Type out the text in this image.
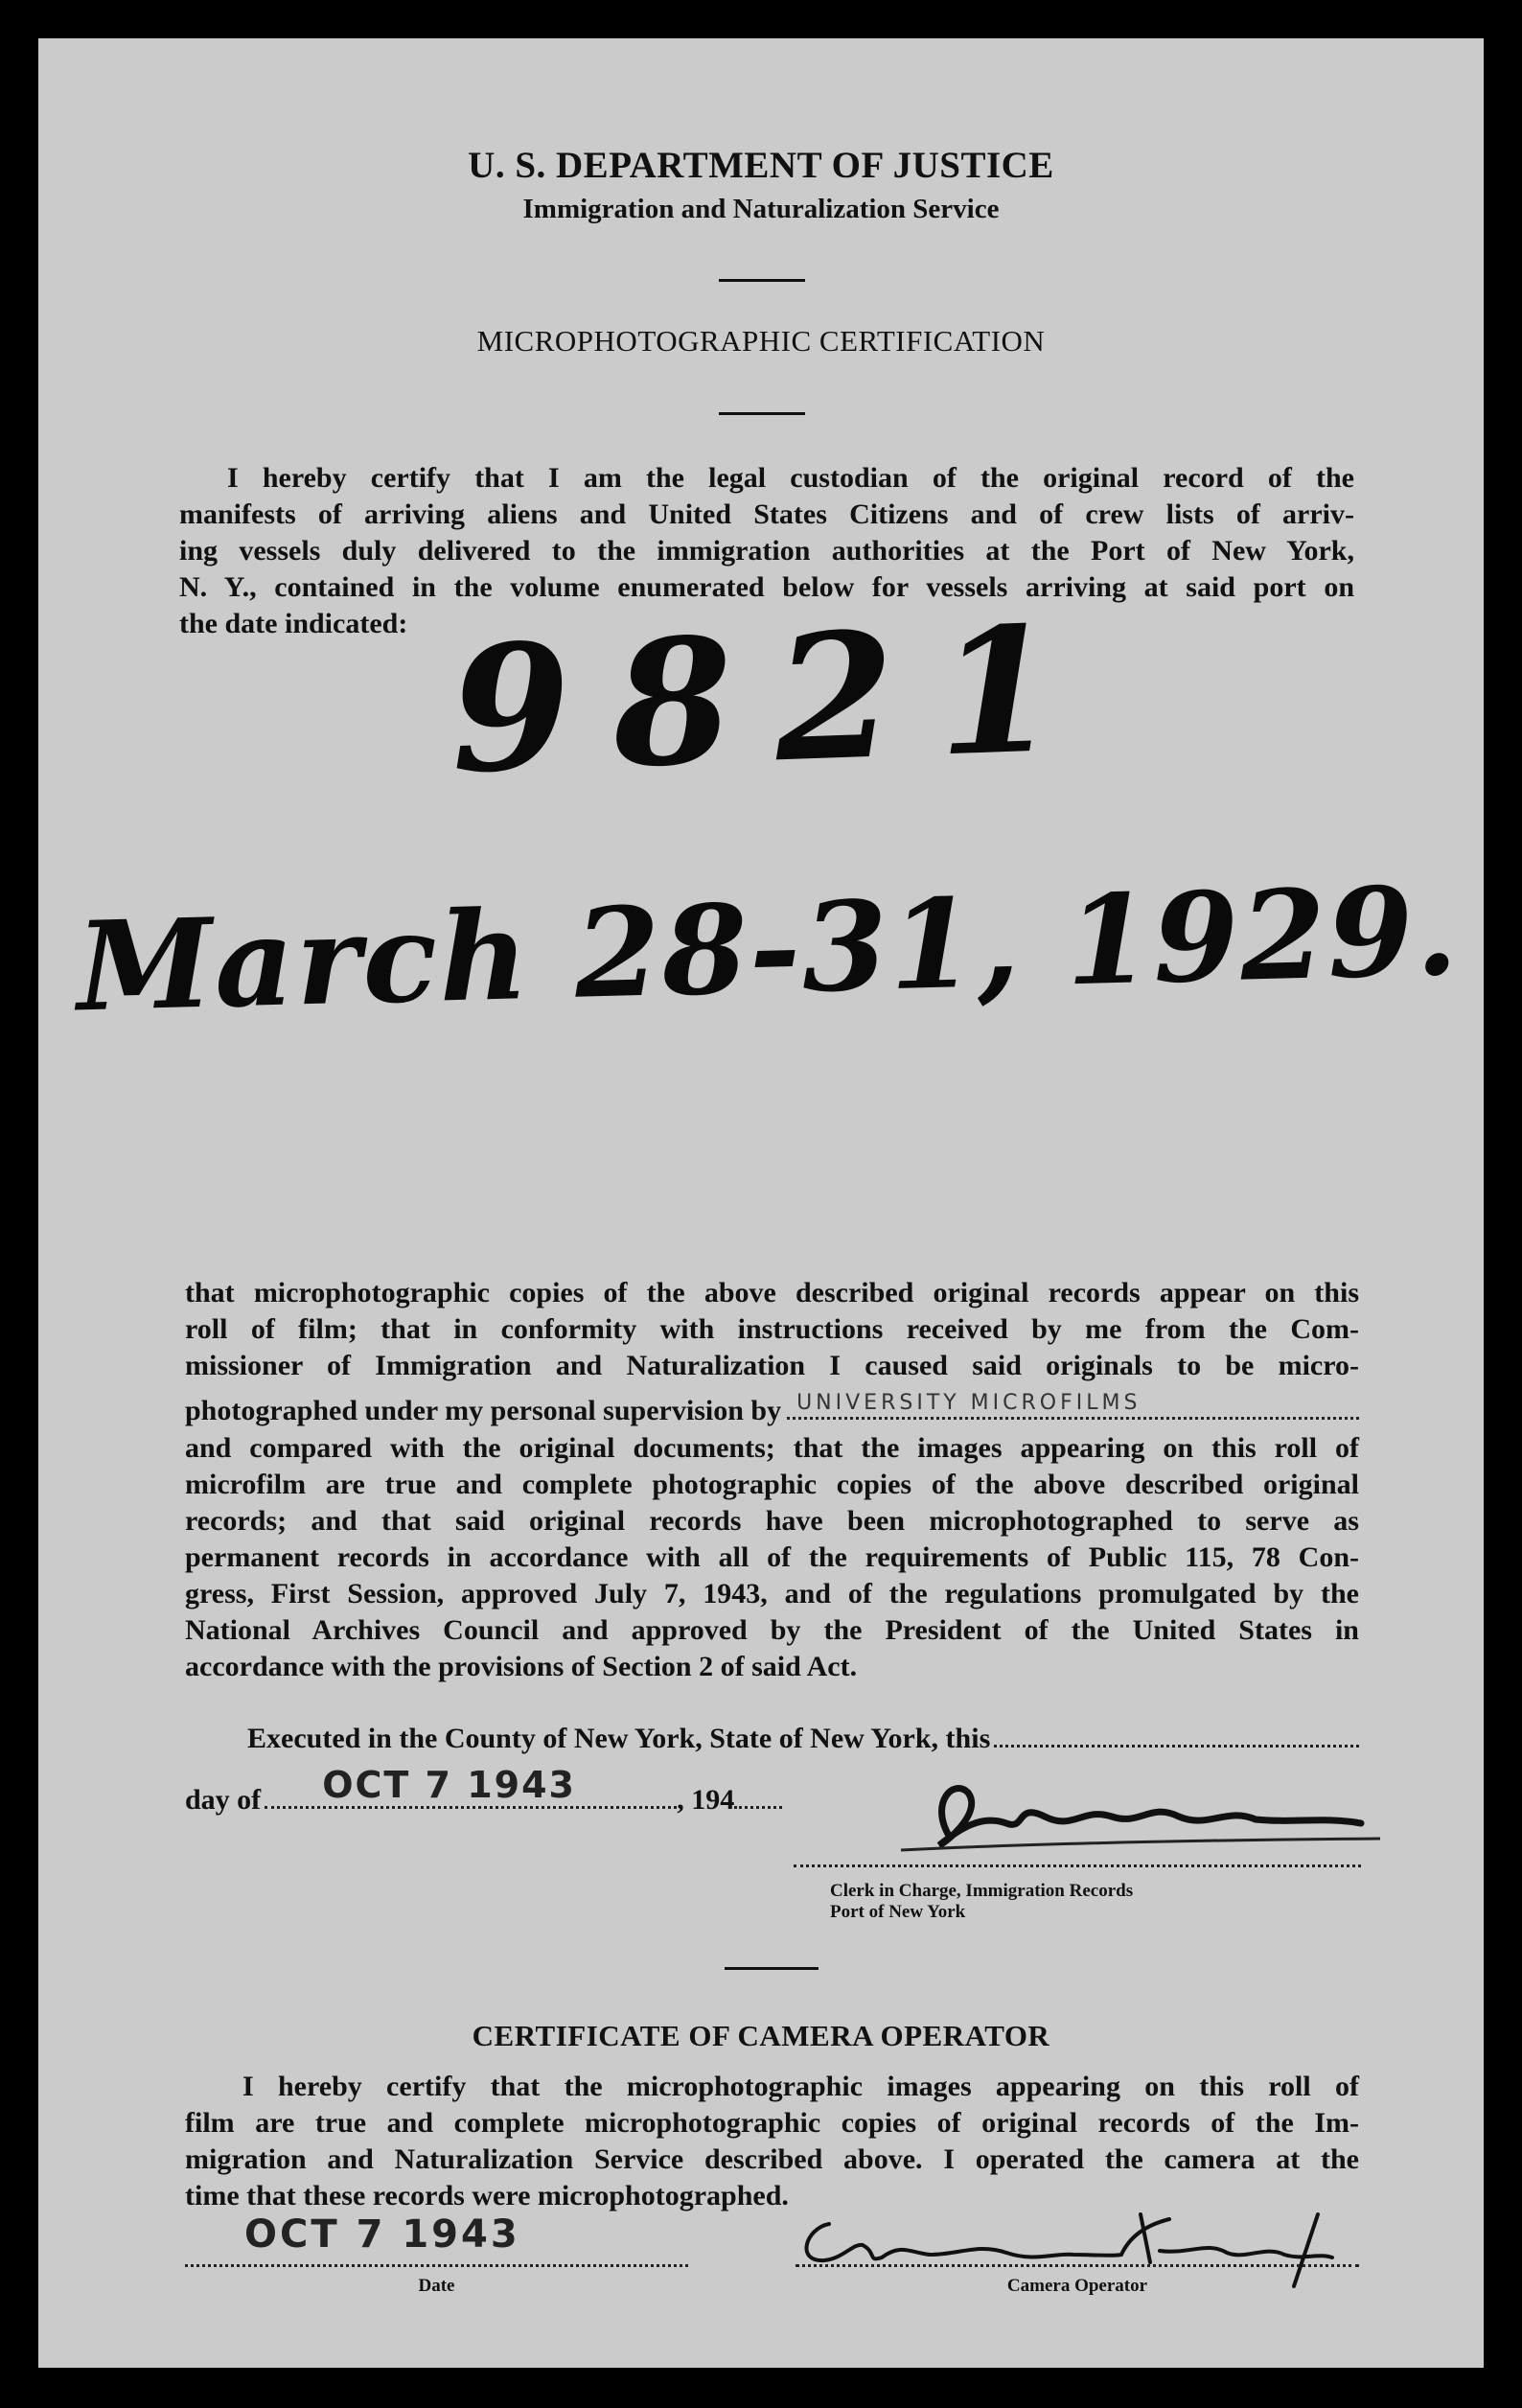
U. S. DEPARTMENT OF JUSTICE
Immigration and Naturalization Service
MICROPHOTOGRAPHIC CERTIFICATION
I hereby certify that I am the legal custodian of the original record of the
manifests of arriving aliens and United States Citizens and of crew lists of arriv-
ing vessels duly delivered to the immigration authorities at the Port of New York,
N. Y., contained in the volume enumerated below for vessels arriving at said port on
the date indicated: 9821
March 28-31, 1929.
that microphotographic copies of the above described original records appear on this
roll of film; that in conformity with instructions received by me from the Com-
missioner of Immigration and Naturalization I caused said originals to be micro-
photographed under my personal supervision by UNIVERSITY MICROFILMS
and compared with the original documents; that the images appearing on this roll of
microfilm are true and complete photographic copies of the above described original
records; and that said original records have been microphotographed to serve as
permanent records in accordance with all of the requirements of Public 115, 78 Con-
gress, First Session, approved July 7, 1943, and of the regulations promulgated by the
National Archives Council and approved by the President of the United States in
accordance with the provisions of Section 2 of said Act.
Executed in the County of New York, State of New York, this
day of OCT 7 1943	, 194
Clerk in Charge, Immigration Records
Port of New York
CERTIFICATE OF CAMERA OPERATOR
I hereby certify that the microphotographic images appearing on this roll of
film are true and complete microphotographic copies of original records of the Im-
migration and Naturalization Service described above. I operated the camera at the
time that these records were microphotographed.
OCT 7 1943
Date	Camera Operator
